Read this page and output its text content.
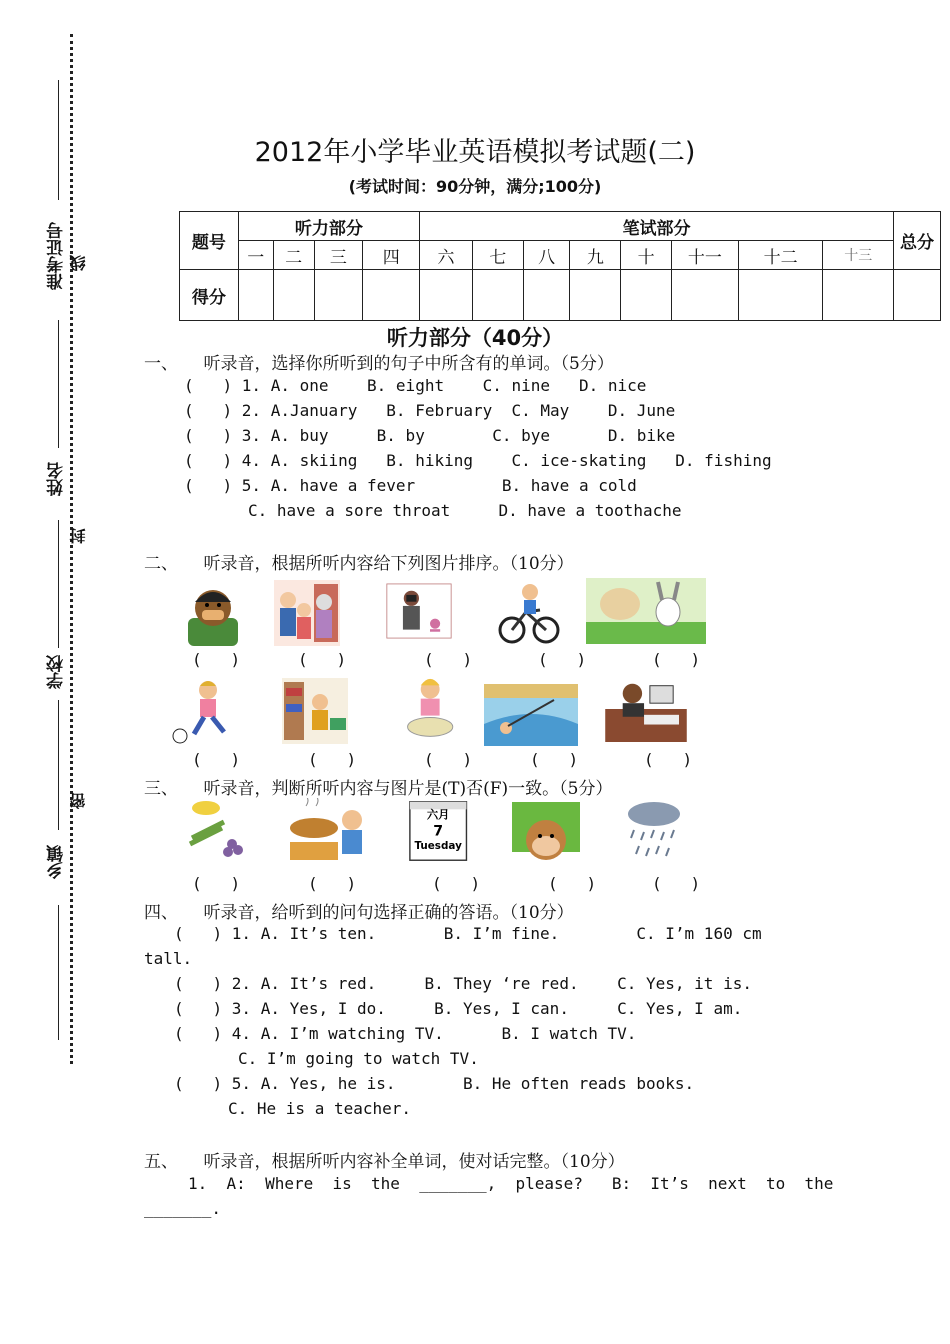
准考证号 线
姓名
封
学校
密
乡镇
2012年小学毕业英语模拟考试题(二)
(考试时间：90分钟，满分;100分)
题号	听力部分				笔试部分								总分
	一	二	三	四	六	七	八	九	十	十一	十二	十三	
得分													
听力部分（40分）
一、　　听录音，选择你所听到的句子中所含有的单词。（5分）
(   ) 1. A. one    B. eight    C. nine   D. nice
(   ) 2. A.January   B. February  C. May    D. June
(   ) 3. A. buy     B. by       C. bye      D. bike
(   ) 4. A. skiing   B. hiking    C. ice-skating   D. fishing
(   ) 5. A. have a fever         B. have a cold
C. have a sore throat     D. have a toothache
二、　　听录音，根据所听内容给下列图片排序。（10分）
(   )	(   )	(   )	(   )	(   )
(   )	(   )	(   )	(   )	(   )
三、　　听录音，判断所听内容与图片是(T)否(F)一致。（5分）
六月
7
Tuesday
(   )	(   )	(   )	(   )	(   )
四、　　听录音，给听到的问句选择正确的答语。（10分）
(   ) 1. A. It’s ten.       B. I’m fine.        C. I’m 160 cm
tall.
(   ) 2. A. It’s red.     B. They ‘re red.    C. Yes, it is.
(   ) 3. A. Yes, I do.     B. Yes, I can.     C. Yes, I am.
(   ) 4. A. I’m watching TV.      B. I watch TV.
C. I’m going to watch TV.
(   ) 5. A. Yes, he is.       B. He often reads books.
C. He is a teacher.
五、　　听录音，根据所听内容补全单词，使对话完整。（10分）
1.  A:  Where  is  the  _______,  please?   B:  It’s  next  to  the
_______.
